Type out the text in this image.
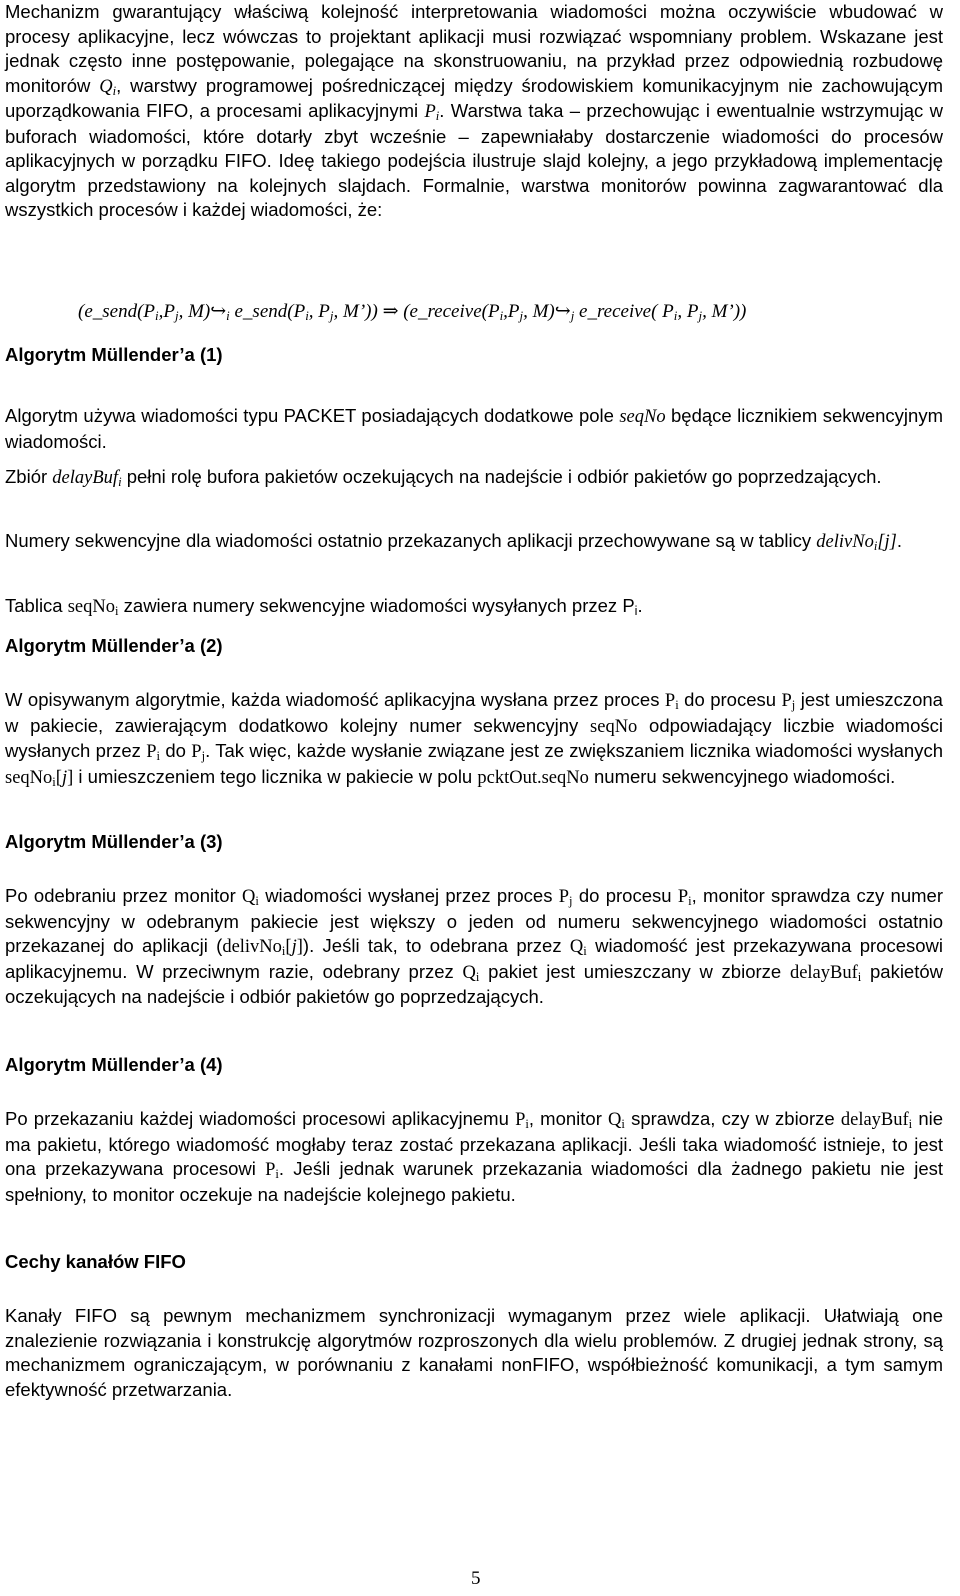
Mechanizm gwarantujący właściwą kolejność interpretowania wiadomości można oczywiście wbudować w procesy aplikacyjne, lecz wówczas to projektant aplikacji musi rozwiązać wspomniany problem. Wskazane jest jednak często inne postępowanie, polegające na skonstruowaniu, na przykład przez odpowiednią rozbudowę monitorów $Q_i$, warstwy programowej pośredniczącej między środowiskiem komunikacyjnym nie zachowującym uporządkowania FIFO, a procesami aplikacyjnymi $P_i$. Warstwa taka – przechowując i ewentualnie wstrzymując w buforach wiadomości, które dotarły zbyt wcześnie – zapewniałaby dostarczenie wiadomości do procesów aplikacyjnych w porządku FIFO. Ideę takiego podejścia ilustruje slajd kolejny, a jego przykładową implementację algorytm przedstawiony na kolejnych slajdach. Formalnie, warstwa monitorów powinna zagwarantować dla wszystkich procesów i każdej wiadomości, że:

($e\_send(P_i,P_j$, $M)↪_i$ $e\_send(P_i$, $P_j$, M’)) ⇒ ($e\_receive(P_i,P_j$, $M)↪_j$ e_receive( $P_i$, $P_j$, M’))
Algorytm Müllender’a (1)

Algorytm używa wiadomości typu PACKET posiadających dodatkowe pole seqNo będące licznikiem sekwencyjnym wiadomości.

Zbiór delayBuf$_i$ pełni rolę bufora pakietów oczekujących na nadejście i odbiór pakietów go poprzedzających.

Numery sekwencyjne dla wiadomości ostatnio przekazanych aplikacji przechowywane są w tablicy delivNo$_i$[j].

Tablica seqNo$_i$ zawiera numery sekwencyjne wiadomości wysyłanych przez $P_i$.

Algorytm Müllender’a (2)

W opisywanym algorytmie, każda wiadomość aplikacyjna wysłana przez proces $P_i$ do procesu $P_j$ jest umieszczona w pakiecie, zawierającym dodatkowo kolejny numer sekwencyjny seqNo odpowiadający liczbie wiadomości wysłanych przez $P_i$ do $P_j$. Tak więc, każde wysłanie związane jest ze zwiększaniem licznika wiadomości wysłanych seqNo$_i$[j] i umieszczeniem tego licznika w pakiecie w polu pcktOut.seqNo numeru sekwencyjnego wiadomości.

Algorytm Müllender’a (3)

Po odebraniu przez monitor $Q_i$ wiadomości wysłanej przez proces $P_j$ do procesu $P_i$, monitor sprawdza czy numer sekwencyjny w odebranym pakiecie jest większy o jeden od numeru sekwencyjnego wiadomości ostatnio przekazanej do aplikacji (delivNo$_i$[j]). Jeśli tak, to odebrana przez $Q_i$ wiadomość jest przekazywana procesowi aplikacyjnemu. W przeciwnym razie, odebrany przez $Q_i$ pakiet jest umieszczany w zbiorze delayBuf$_i$ pakietów oczekujących na nadejście i odbiór pakietów go poprzedzających.

Algorytm Müllender’a (4)

Po przekazaniu każdej wiadomości procesowi aplikacyjnemu $P_i$, monitor $Q_i$ sprawdza, czy w zbiorze delayBuf$_i$ nie ma pakietu, którego wiadomość mogłaby teraz zostać przekazana aplikacji. Jeśli taka wiadomość istnieje, to jest ona przekazywana procesowi $P_i$. Jeśli jednak warunek przekazania wiadomości dla żadnego pakietu nie jest spełniony, to monitor oczekuje na nadejście kolejnego pakietu.

Cechy kanałów FIFO

Kanały FIFO są pewnym mechanizmem synchronizacji wymaganym przez wiele aplikacji. Ułatwiają one znalezienie rozwiązania i konstrukcję algorytmów rozproszonych dla wielu problemów. Z drugiej jednak strony, są mechanizmem ograniczającym, w porównaniu z kanałami nonFIFO, współbieżność komunikacji, a tym samym efektywność przetwarzania.

5
